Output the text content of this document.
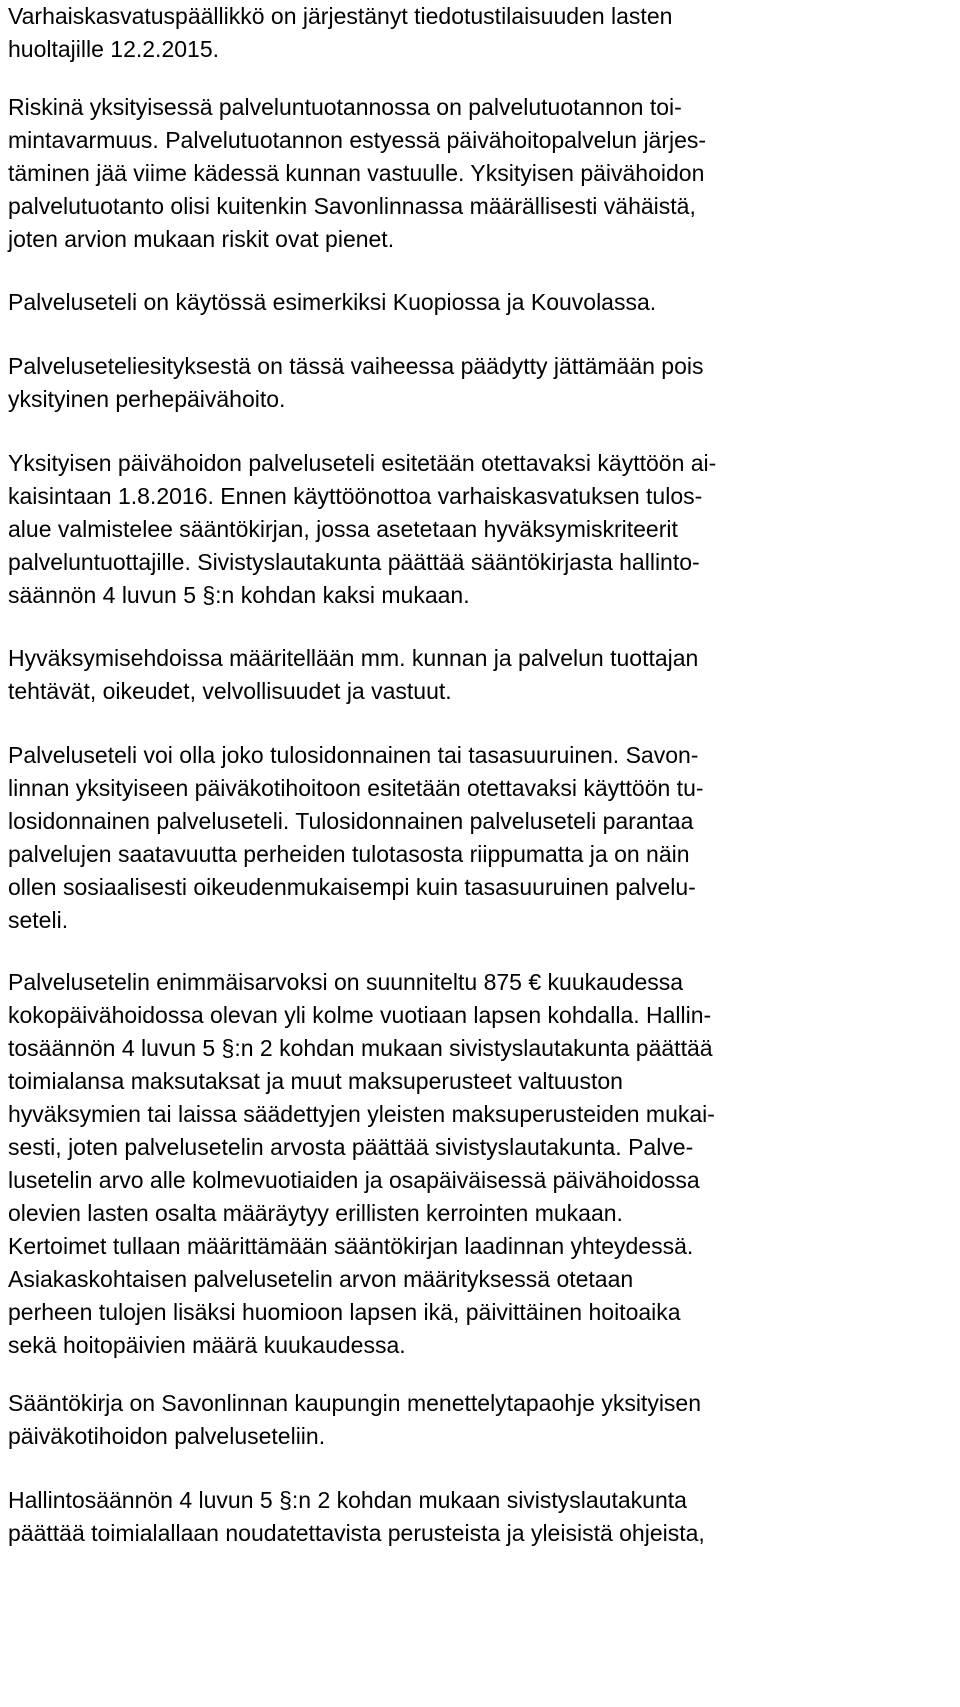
Varhaiskasvatuspäällikkö on järjestänyt tiedotustilaisuuden lasten
huoltajille 12.2.2015.
Riskinä yksityisessä palveluntuotannossa on palvelutuotannon toi-
mintavarmuus. Palvelutuotannon estyessä päivähoitopalvelun järjes-
täminen jää viime kädessä kunnan vastuulle. Yksityisen päivähoidon
palvelutuotanto olisi kuitenkin Savonlinnassa määrällisesti vähäistä,
joten arvion mukaan riskit ovat pienet.
Palveluseteli on käytössä esimerkiksi Kuopiossa ja Kouvolassa.
Palveluseteliesityksestä on tässä vaiheessa päädytty jättämään pois
yksityinen perhepäivähoito.
Yksityisen päivähoidon palveluseteli esitetään otettavaksi käyttöön ai-
kaisintaan 1.8.2016. Ennen käyttöönottoa varhaiskasvatuksen tulos-
alue valmistelee sääntökirjan, jossa asetetaan hyväksymiskriteerit
palveluntuottajille. Sivistyslautakunta päättää sääntökirjasta hallinto-
säännön 4 luvun 5 §:n kohdan kaksi mukaan.
Hyväksymisehdoissa määritellään mm. kunnan ja palvelun tuottajan
tehtävät, oikeudet, velvollisuudet ja vastuut.
Palveluseteli voi olla joko tulosidonnainen tai tasasuuruinen. Savon-
linnan yksityiseen päiväkotihoitoon esitetään otettavaksi käyttöön tu-
losidonnainen palveluseteli. Tulosidonnainen palveluseteli parantaa
palvelujen saatavuutta perheiden tulotasosta riippumatta ja on näin
ollen sosiaalisesti oikeudenmukaisempi kuin tasasuuruinen palvelu-
seteli.
Palvelusetelin enimmäisarvoksi on suunniteltu 875 € kuukaudessa
kokopäivähoidossa olevan yli kolme vuotiaan lapsen kohdalla. Hallin-
tosäännön 4 luvun 5 §:n 2 kohdan mukaan sivistyslautakunta päättää
toimialansa maksutaksat ja muut maksuperusteet valtuuston
hyväksymien tai laissa säädettyjen yleisten maksuperusteiden mukai-
sesti, joten palvelusetelin arvosta päättää sivistyslautakunta. Palve-
lusetelin arvo alle kolmevuotiaiden ja osapäiväisessä päivähoidossa
olevien lasten osalta määräytyy erillisten kerrointen mukaan.
Kertoimet tullaan määrittämään sääntökirjan laadinnan yhteydessä.
Asiakaskohtaisen palvelusetelin arvon määrityksessä otetaan
perheen tulojen lisäksi huomioon lapsen ikä, päivittäinen hoitoaika
sekä hoitopäivien määrä kuukaudessa.
Sääntökirja on Savonlinnan kaupungin menettelytapaohje yksityisen
päiväkotihoidon palveluseteliin.
Hallintosäännön 4 luvun 5 §:n 2 kohdan mukaan sivistyslautakunta
päättää toimialallaan noudatettavista perusteista ja yleisistä ohjeista,
